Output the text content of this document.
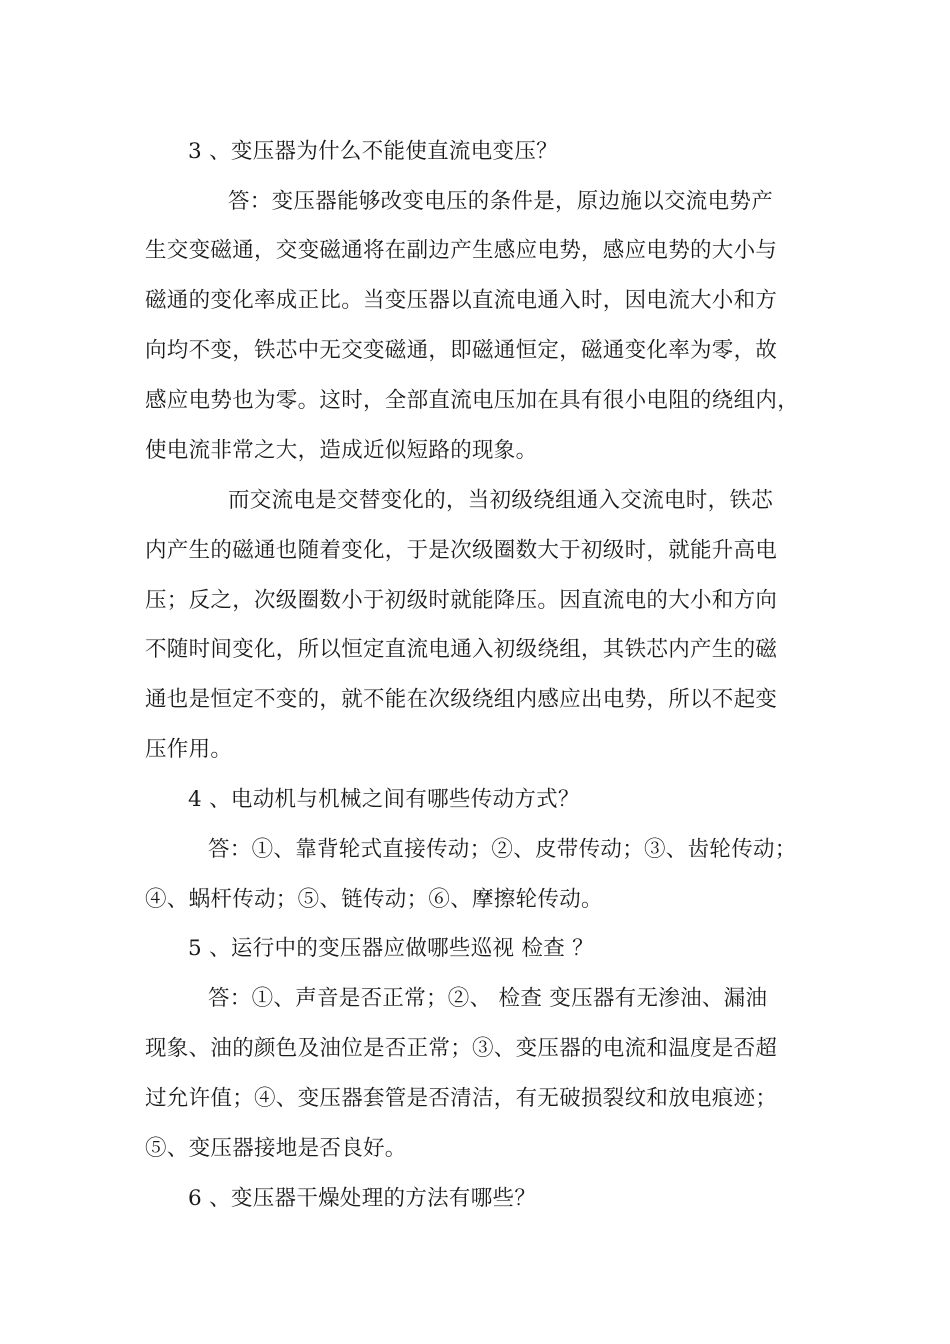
3 、变压器为什么不能使直流电变压？

答：变压器能够改变电压的条件是，原边施以交流电势产

生交变磁通，交变磁通将在副边产生感应电势，感应电势的大小与

磁通的变化率成正比。当变压器以直流电通入时，因电流大小和方

向均不变，铁芯中无交变磁通，即磁通恒定，磁通变化率为零，故

感应电势也为零。这时，全部直流电压加在具有很小电阻的绕组内，

使电流非常之大，造成近似短路的现象。

而交流电是交替变化的，当初级绕组通入交流电时，铁芯

内产生的磁通也随着变化，于是次级圈数大于初级时，就能升高电

压；反之，次级圈数小于初级时就能降压。因直流电的大小和方向

不随时间变化，所以恒定直流电通入初级绕组，其铁芯内产生的磁

通也是恒定不变的，就不能在次级绕组内感应出电势，所以不起变

压作用。

4 、电动机与机械之间有哪些传动方式？

答：①、靠背轮式直接传动；②、皮带传动；③、齿轮传动；

④、蜗杆传动；⑤、链传动；⑥、摩擦轮传动。

5 、运行中的变压器应做哪些巡视 检查 ？

答：①、声音是否正常；②、 检查 变压器有无渗油、漏油

现象、油的颜色及油位是否正常；③、变压器的电流和温度是否超

过允许值；④、变压器套管是否清洁，有无破损裂纹和放电痕迹；

⑤、变压器接地是否良好。

6 、变压器干燥处理的方法有哪些？
